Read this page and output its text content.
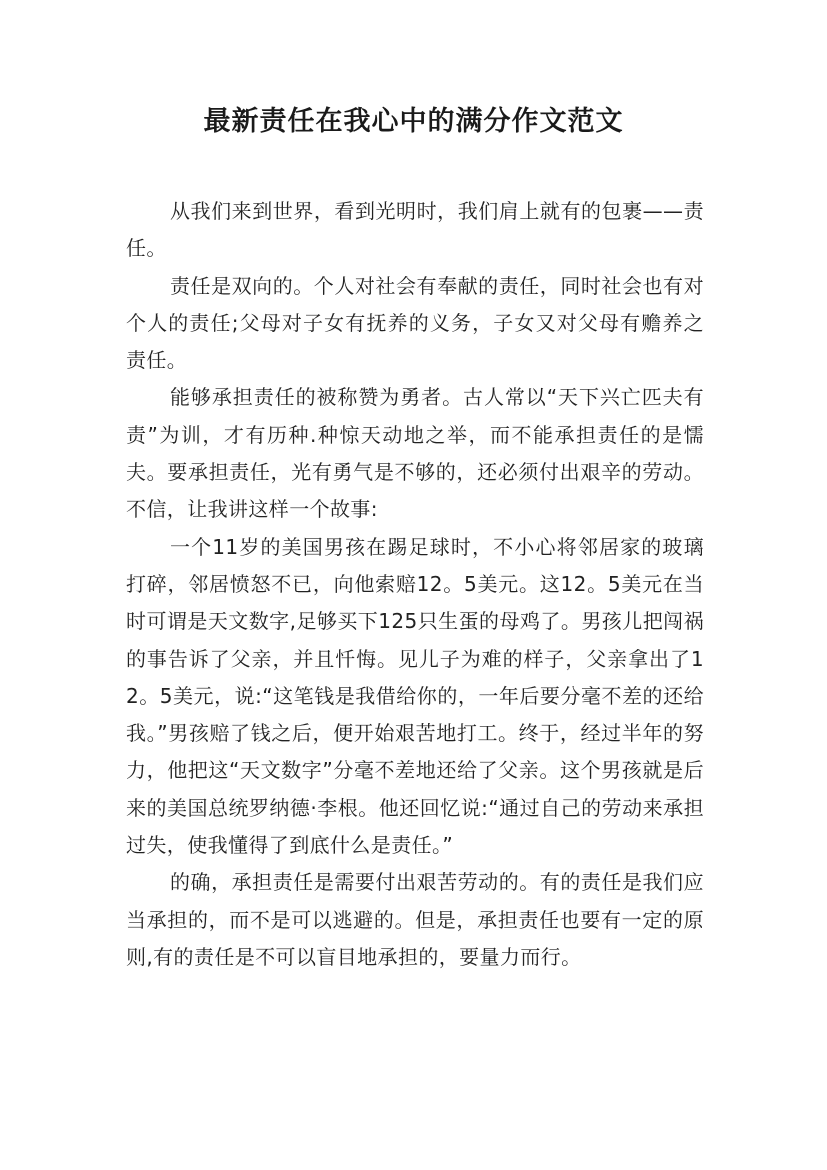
最新责任在我心中的满分作文范文

从我们来到世界，看到光明时，我们肩上就有的包裹——责任。

责任是双向的。个人对社会有奉献的责任，同时社会也有对个人的责任;父母对子女有抚养的义务，子女又对父母有赡养之责任。

能够承担责任的被称赞为勇者。古人常以“天下兴亡匹夫有责”为训，才有历种.种惊天动地之举，而不能承担责任的是懦夫。要承担责任，光有勇气是不够的，还必须付出艰辛的劳动。不信，让我讲这样一个故事:

一个11岁的美国男孩在踢足球时，不小心将邻居家的玻璃打碎，邻居愤怒不已，向他索赔12。5美元。这12。5美元在当时可谓是天文数字,足够买下125只生蛋的母鸡了。男孩儿把闯祸的事告诉了父亲，并且忏悔。见儿子为难的样子，父亲拿出了12。5美元，说:“这笔钱是我借给你的，一年后要分毫不差的还给我。”男孩赔了钱之后，便开始艰苦地打工。终于，经过半年的努力，他把这“天文数字”分毫不差地还给了父亲。这个男孩就是后来的美国总统罗纳德·李根。他还回忆说:“通过自己的劳动来承担过失，使我懂得了到底什么是责任。”

的确，承担责任是需要付出艰苦劳动的。有的责任是我们应当承担的，而不是可以逃避的。但是，承担责任也要有一定的原则,有的责任是不可以盲目地承担的，要量力而行。
